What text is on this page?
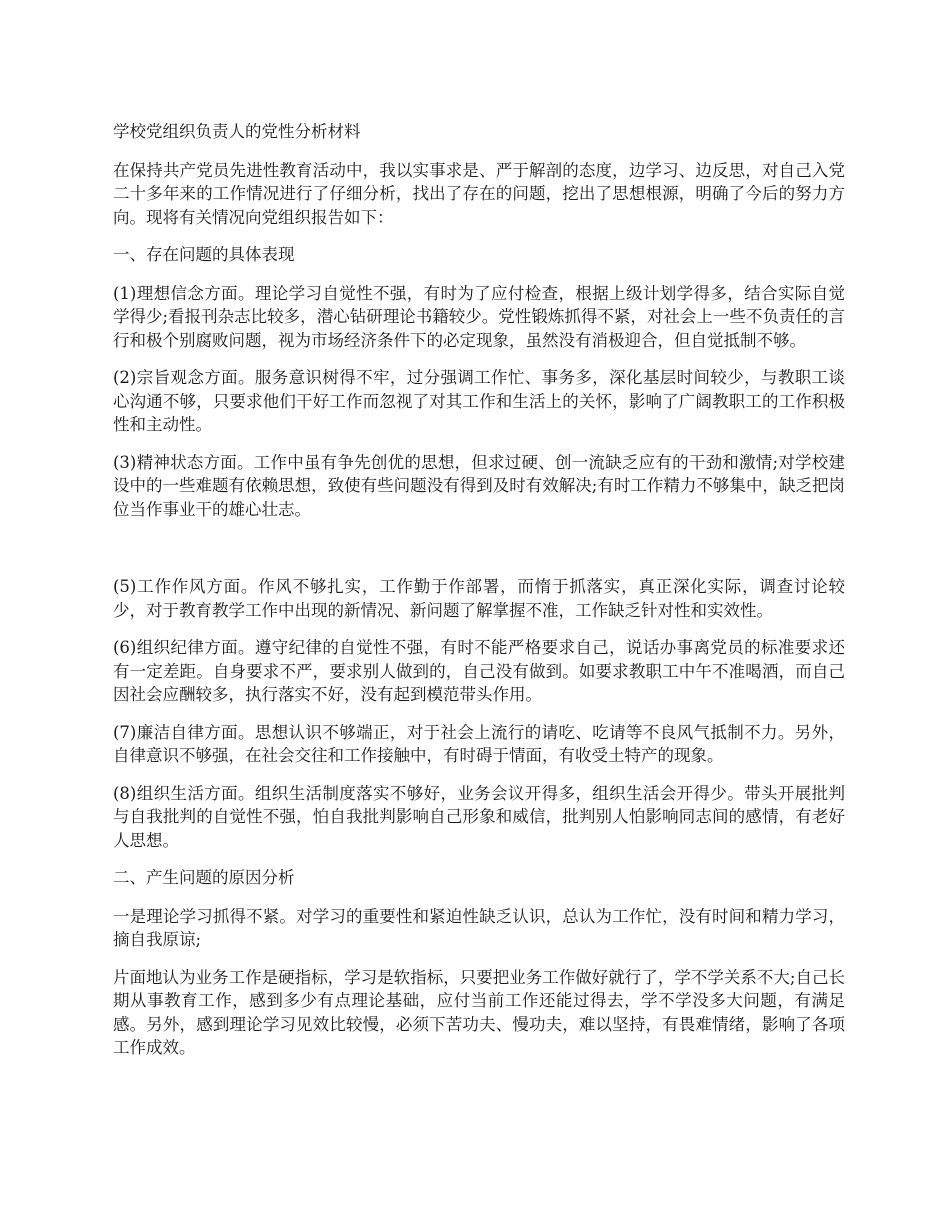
学校党组织负责人的党性分析材料

在保持共产党员先进性教育活动中，我以实事求是、严于解剖的态度，边学习、边反思，对自己入党二十多年来的工作情况进行了仔细分析，找出了存在的问题，挖出了思想根源，明确了今后的努力方向。现将有关情况向党组织报告如下：

一、存在问题的具体表现

(1)理想信念方面。理论学习自觉性不强，有时为了应付检查，根据上级计划学得多，结合实际自觉学得少;看报刊杂志比较多，潜心钻研理论书籍较少。党性锻炼抓得不紧，对社会上一些不负责任的言行和极个别腐败问题，视为市场经济条件下的必定现象，虽然没有消极迎合，但自觉抵制不够。

(2)宗旨观念方面。服务意识树得不牢，过分强调工作忙、事务多，深化基层时间较少，与教职工谈心沟通不够，只要求他们干好工作而忽视了对其工作和生活上的关怀，影响了广阔教职工的工作积极性和主动性。

(3)精神状态方面。工作中虽有争先创优的思想，但求过硬、创一流缺乏应有的干劲和激情;对学校建设中的一些难题有依赖思想，致使有些问题没有得到及时有效解决;有时工作精力不够集中，缺乏把岗位当作事业干的雄心壮志。

(5)工作作风方面。作风不够扎实，工作勤于作部署，而惰于抓落实，真正深化实际，调查讨论较少，对于教育教学工作中出现的新情况、新问题了解掌握不准，工作缺乏针对性和实效性。

(6)组织纪律方面。遵守纪律的自觉性不强，有时不能严格要求自己，说话办事离党员的标准要求还有一定差距。自身要求不严，要求别人做到的，自己没有做到。如要求教职工中午不准喝酒，而自己因社会应酬较多，执行落实不好，没有起到模范带头作用。

(7)廉洁自律方面。思想认识不够端正，对于社会上流行的请吃、吃请等不良风气抵制不力。另外，自律意识不够强，在社会交往和工作接触中，有时碍于情面，有收受土特产的现象。

(8)组织生活方面。组织生活制度落实不够好，业务会议开得多，组织生活会开得少。带头开展批判与自我批判的自觉性不强，怕自我批判影响自己形象和威信，批判别人怕影响同志间的感情，有老好人思想。

二、产生问题的原因分析

一是理论学习抓得不紧。对学习的重要性和紧迫性缺乏认识，总认为工作忙，没有时间和精力学习，摘自我原谅;

片面地认为业务工作是硬指标，学习是软指标，只要把业务工作做好就行了，学不学关系不大;自己长期从事教育工作，感到多少有点理论基础，应付当前工作还能过得去，学不学没多大问题，有满足感。另外，感到理论学习见效比较慢，必须下苦功夫、慢功夫，难以坚持，有畏难情绪，影响了各项工作成效。
